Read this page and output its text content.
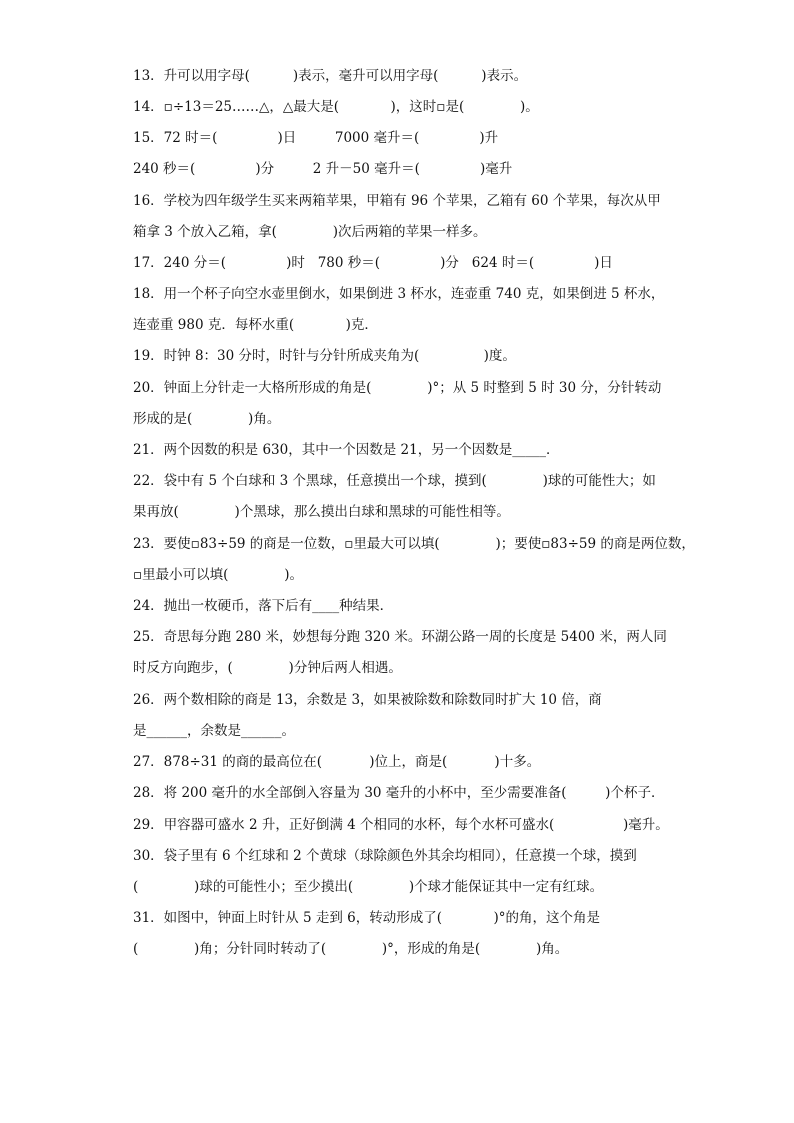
13．升可以用字母(          )表示，毫升可以用字母(          )表示。
14．▫÷13＝25……△，△最大是(            )，这时▫是(             )。
15．72 时＝(              )日         7000 毫升＝(              )升
240 秒＝(              )分         2 升－50 毫升＝(              )毫升
16．学校为四年级学生买来两箱苹果，甲箱有 96 个苹果，乙箱有 60 个苹果，每次从甲
箱拿 3 个放入乙箱，拿(             )次后两箱的苹果一样多。
17．240 分＝(              )时   780 秒＝(              )分   624 时＝(              )日
18．用一个杯子向空水壶里倒水，如果倒进 3 杯水，连壶重 740 克，如果倒进 5 杯水，
连壶重 980 克．每杯水重(            )克．
19．时钟 8：30 分时，时针与分针所成夹角为(               )度。
20．钟面上分针走一大格所形成的角是(             )°；从 5 时整到 5 时 30 分，分针转动
形成的是(             )角。
21．两个因数的积是 630，其中一个因数是 21，另一个因数是_____．
22．袋中有 5 个白球和 3 个黑球，任意摸出一个球，摸到(             )球的可能性大；如
果再放(             )个黑球，那么摸出白球和黑球的可能性相等。
23．要使▫83÷59 的商是一位数，▫里最大可以填(             )；要使▫83÷59 的商是两位数，
▫里最小可以填(             )。
24．抛出一枚硬币，落下后有____种结果．
25．奇思每分跑 280 米，妙想每分跑 320 米。环湖公路一周的长度是 5400 米，两人同
时反方向跑步，(             )分钟后两人相遇。
26．两个数相除的商是 13，余数是 3，如果被除数和除数同时扩大 10 倍，商
是______，余数是______。
27．878÷31 的商的最高位在(           )位上，商是(           )十多。
28．将 200 毫升的水全部倒入容量为 30 毫升的小杯中，至少需要准备(         )个杯子．
29．甲容器可盛水 2 升，正好倒满 4 个相同的水杯，每个水杯可盛水(                )毫升。
30．袋子里有 6 个红球和 2 个黄球（球除颜色外其余均相同），任意摸一个球，摸到
(             )球的可能性小；至少摸出(             )个球才能保证其中一定有红球。
31．如图中，钟面上时针从 5 走到 6，转动形成了(            )°的角，这个角是
(             )角；分针同时转动了(             )°，形成的角是(             )角。
